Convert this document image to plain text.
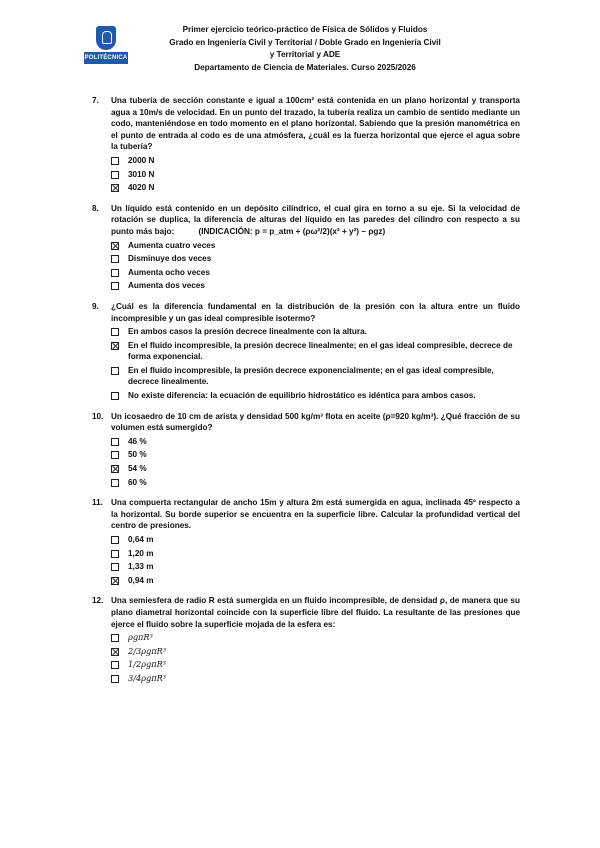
POLITÉCNICA
Primer ejercicio teórico-práctico de Física de Sólidos y Fluidos
Grado en Ingeniería Civil y Territorial / Doble Grado en Ingeniería Civil
y Territorial y ADE
Departamento de Ciencia de Materiales. Curso 2025/2026
7.	Una tubería de sección constante e igual a 100cm² está contenida en un plano horizontal y transporta agua a 10m/s de velocidad. En un punto del trazado, la tubería realiza un cambio de sentido mediante un codo, manteniéndose en todo momento en el plano horizontal. Sabiendo que la presión manométrica en el punto de entrada al codo es de una atmósfera, ¿cuál es la fuerza horizontal que ejerce el agua sobre la tubería?
2000 N
3010 N
4020 N
8.	Un líquido está contenido en un depósito cilíndrico, el cual gira en torno a su eje. Si la velocidad de rotación se duplica, la diferencia de alturas del líquido en las paredes del cilindro con respecto a su punto más bajo:	(INDICACIÓN: p = p_atm + (ρω²/2)(x² + y²) − ρgz)
Aumenta cuatro veces
Disminuye dos veces
Aumenta ocho veces
Aumenta dos veces
9.	¿Cuál es la diferencia fundamental en la distribución de la presión con la altura entre un fluido incompresible y un gas ideal compresible isotermo?
En ambos casos la presión decrece linealmente con la altura.
En el fluido incompresible, la presión decrece linealmente; en el gas ideal compresible, decrece de forma exponencial.
En el fluido incompresible, la presión decrece exponencialmente; en el gas ideal compresible, decrece linealmente.
No existe diferencia: la ecuación de equilibrio hidrostático es idéntica para ambos casos.
10. Un icosaedro de 10 cm de arista y densidad 500 kg/m³ flota en aceite (ρ=920 kg/m³). ¿Qué fracción de su volumen está sumergido?
46 %
50 %
54 %
60 %
11. Una compuerta rectangular de ancho 15m y altura 2m está sumergida en agua, inclinada 45º respecto a la horizontal. Su borde superior se encuentra en la superficie libre. Calcular la profundidad vertical del centro de presiones.
0,64 m
1,20 m
1,33 m
0,94 m
12. Una semiesfera de radio R está sumergida en un fluido incompresible, de densidad ρ, de manera que su plano diametral horizontal coincide con la superficie libre del fluido. La resultante de las presiones que ejerce el fluido sobre la superficie mojada de la esfera es:
ρgπR³
2/3ρgπR³
1/2ρgπR³
3/4ρgπR³
